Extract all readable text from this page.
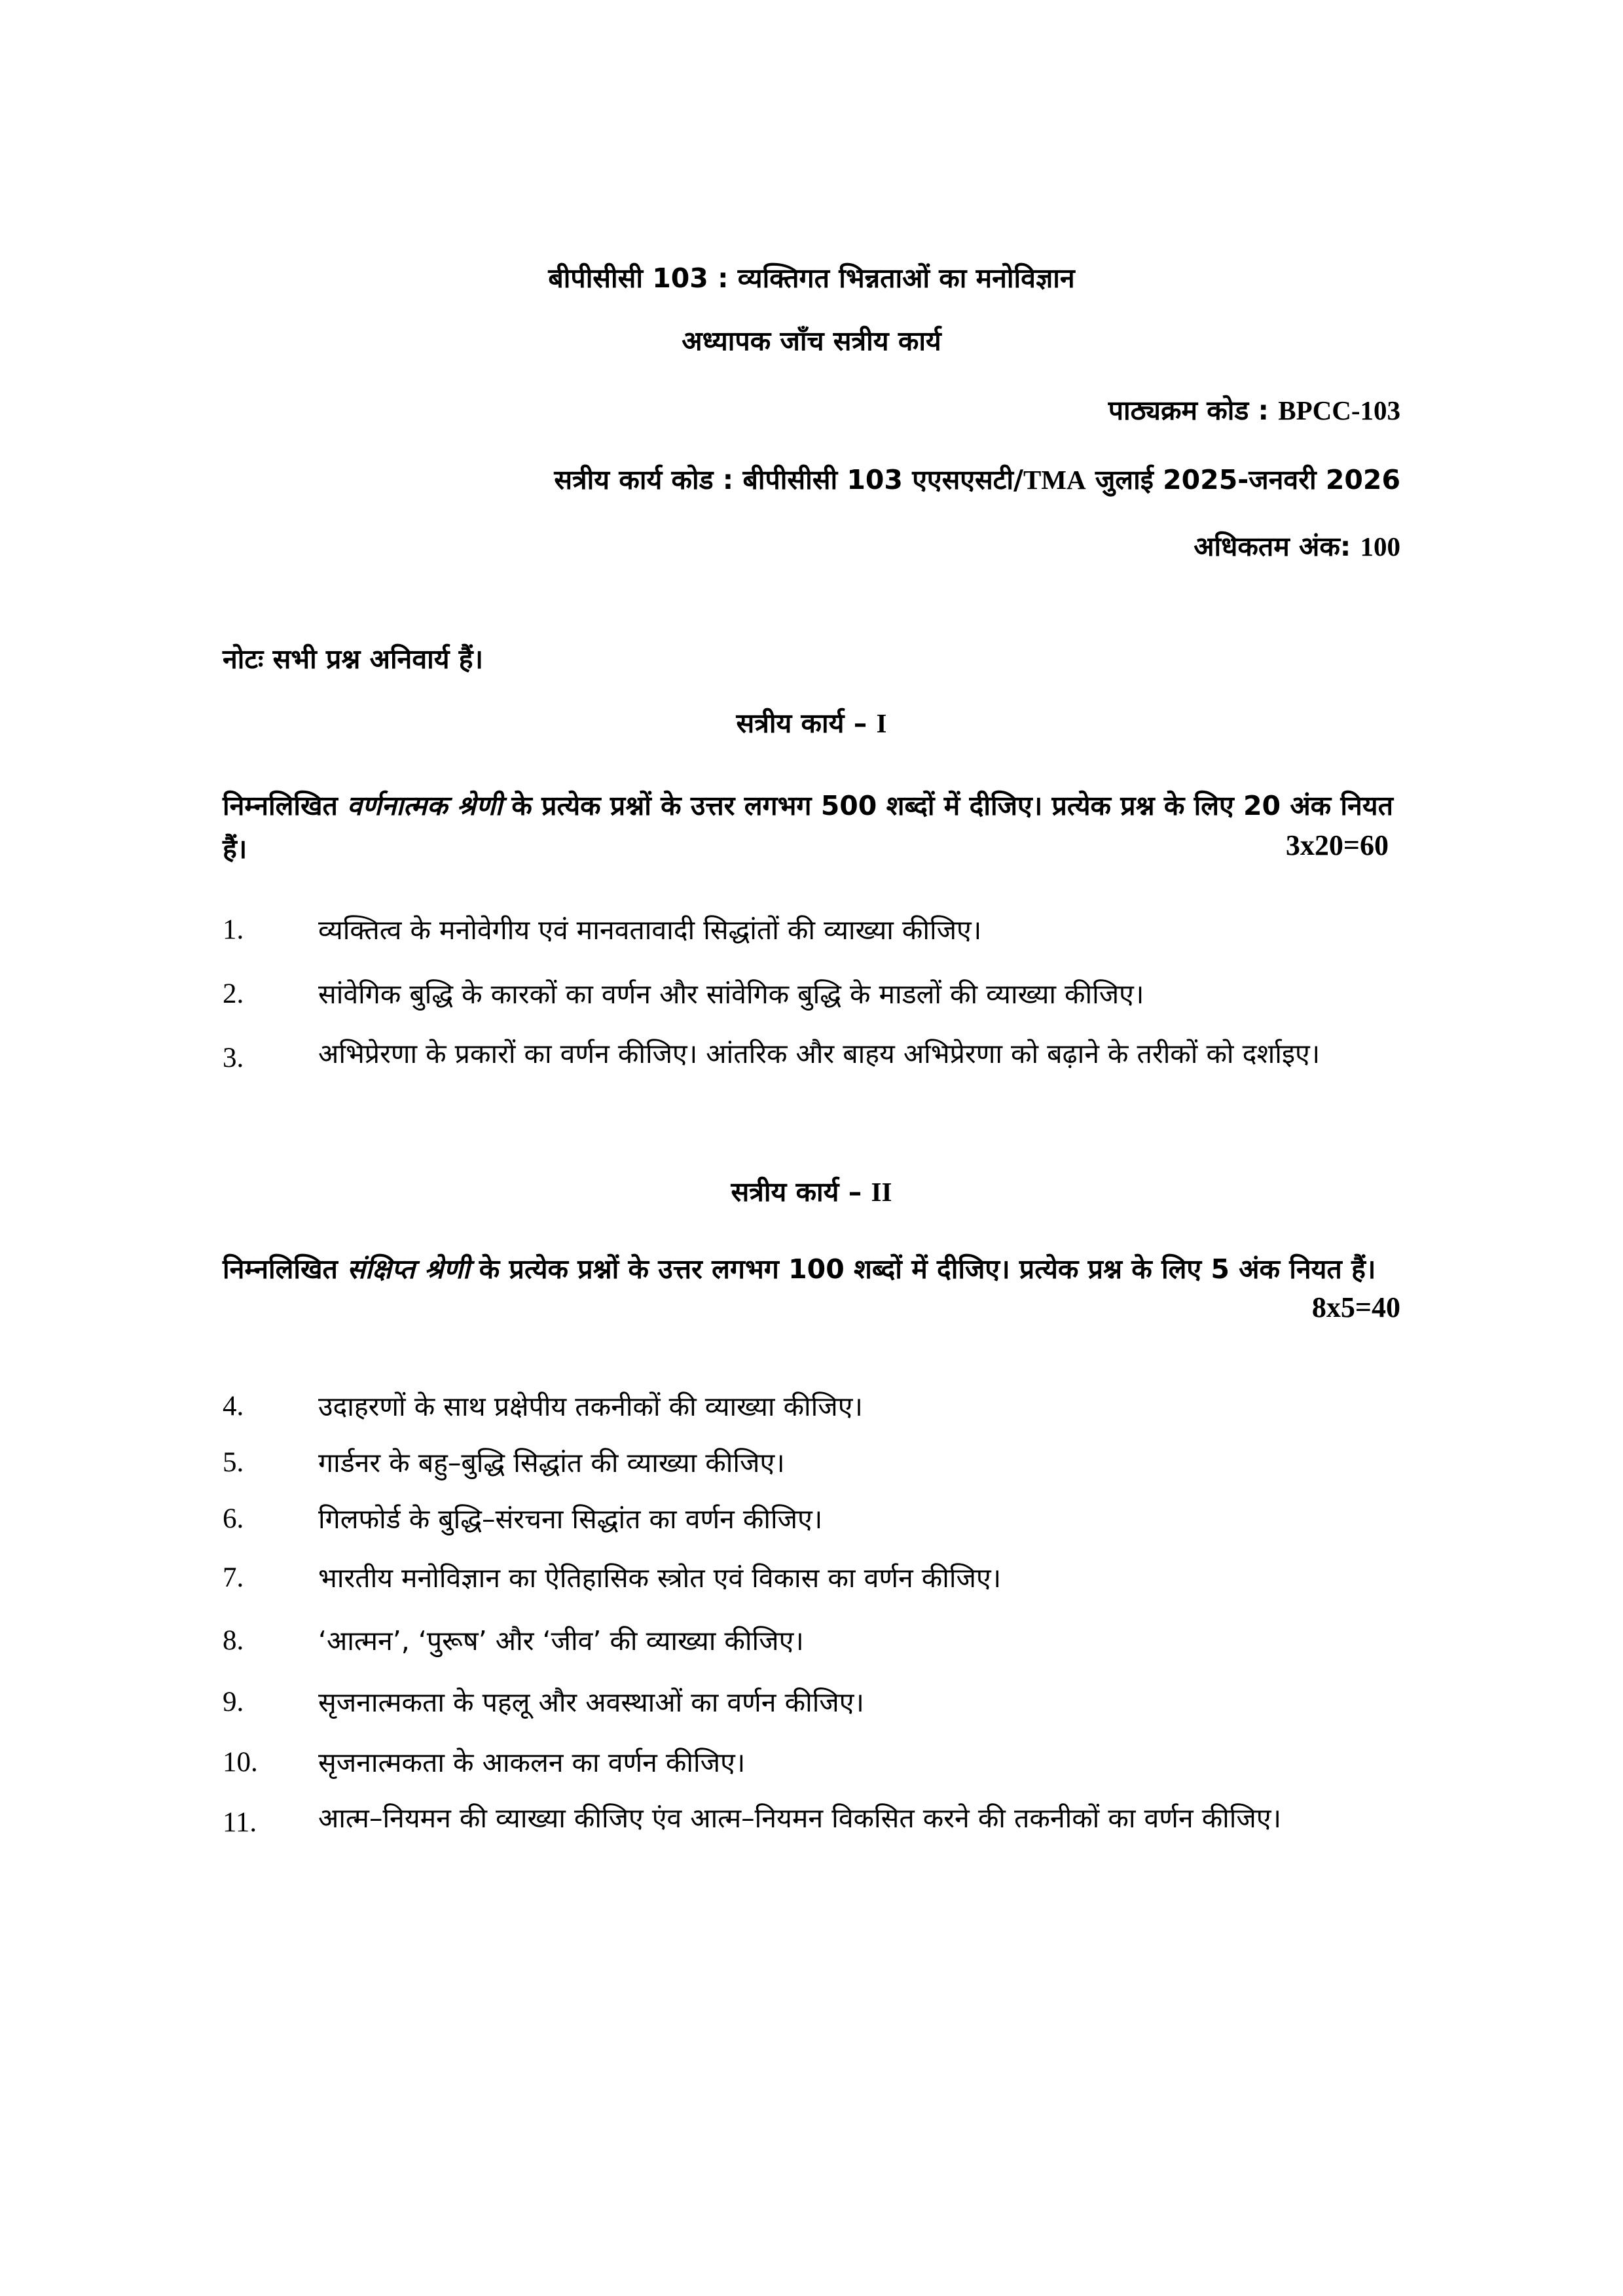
बीपीसीसी 103 : व्यक्तिगत भिन्नताओं का मनोविज्ञान
अध्यापक जाँच सत्रीय कार्य
पाठ्यक्रम कोड : BPCC-103
सत्रीय कार्य कोड : बीपीसीसी 103 एएसएसटी/TMA जुलाई 2025-जनवरी 2026
अधिकतम अंक: 100
नोटः सभी प्रश्न अनिवार्य हैं।
सत्रीय कार्य – I
निम्नलिखित वर्णनात्मक श्रेणी के प्रत्येक प्रश्नों के उत्तर लगभग 500 शब्दों में दीजिए। प्रत्येक प्रश्न के लिए 20 अंक नियत हैं।	3x20=60
1.	व्यक्तित्व के मनोवेगीय एवं मानवतावादी सिद्धांतों की व्याख्या कीजिए।
2.	सांवेगिक बुद्धि के कारकों का वर्णन और सांवेगिक बुद्धि के माडलों की व्याख्या कीजिए।
3.	अभिप्रेरणा के प्रकारों का वर्णन कीजिए। आंतरिक और बाहय अभिप्रेरणा को बढ़ाने के तरीकों को दर्शाइए।
सत्रीय कार्य – II
निम्नलिखित संक्षिप्त श्रेणी के प्रत्येक प्रश्नों के उत्तर लगभग 100 शब्दों में दीजिए। प्रत्येक प्रश्न के लिए 5 अंक नियत हैं।
8x5=40
4.	उदाहरणों के साथ प्रक्षेपीय तकनीकों की व्याख्या कीजिए।
5.	गार्डनर के बहु–बुद्धि सिद्धांत की व्याख्या कीजिए।
6.	गिलफोर्ड के बुद्धि–संरचना सिद्धांत का वर्णन कीजिए।
7.	भारतीय मनोविज्ञान का ऐतिहासिक स्त्रोत एवं विकास का वर्णन कीजिए।
8.	‘आत्मन’, ‘पुरूष’ और ‘जीव’ की व्याख्या कीजिए।
9.	सृजनात्मकता के पहलू और अवस्थाओं का वर्णन कीजिए।
10. सृजनात्मकता के आकलन का वर्णन कीजिए।
11. आत्म–नियमन की व्याख्या कीजिए एंव आत्म–नियमन विकसित करने की तकनीकों का वर्णन कीजिए।
